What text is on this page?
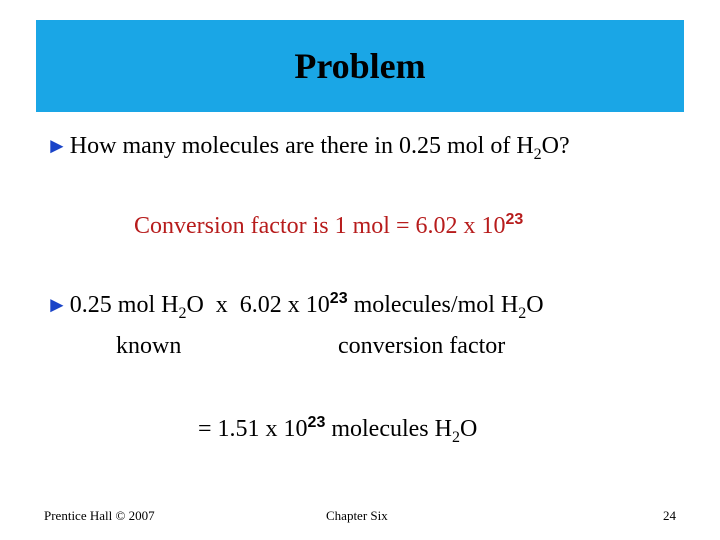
Problem
►How many molecules are there in 0.25 mol of $H_2O$?
Conversion factor is 1 mol = 6.02 x $10^{23}$
►0.25 mol $H_2O$  x  6.02 x $10^{23}$ molecules/mol $H_2O$
known	conversion factor
= 1.51 x $10^{23}$ molecules $H_2O$
Prentice Hall © 2007	Chapter Six	24
